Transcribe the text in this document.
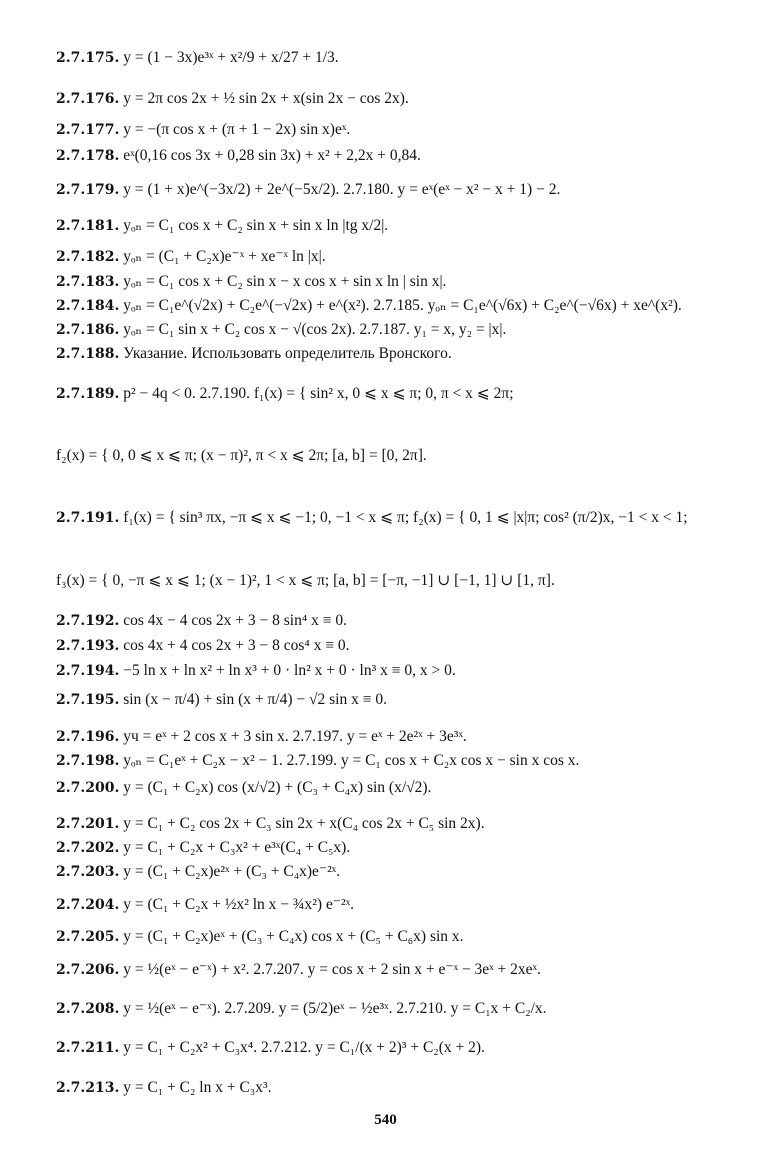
2.7.175. y = (1 − 3x)e³ˣ + x²/9 + x/27 + 1/3.
2.7.176. y = 2π cos 2x + ½ sin 2x + x(sin 2x − cos 2x).
2.7.177. y = −(π cos x + (π + 1 − 2x) sin x)eˣ.
2.7.178. eˣ(0,16 cos 3x + 0,28 sin 3x) + x² + 2,2x + 0,84.
2.7.179. y = (1 + x)e^(−3x/2) + 2e^(−5x/2). 2.7.180. y = eˣ(eˣ − x² − x + 1) − 2.
2.7.181. yₒₙ = C₁ cos x + C₂ sin x + sin x ln |tg x/2|.
2.7.182. yₒₙ = (C₁ + C₂x)e⁻ˣ + xe⁻ˣ ln |x|.
2.7.183. yₒₙ = C₁ cos x + C₂ sin x − x cos x + sin x ln | sin x|.
2.7.184. yₒₙ = C₁e^(√2x) + C₂e^(−√2x) + e^(x²). 2.7.185. yₒₙ = C₁e^(√6x) + C₂e^(−√6x) + xe^(x²).
2.7.186. yₒₙ = C₁ sin x + C₂ cos x − √(cos 2x). 2.7.187. y₁ = x, y₂ = |x|.
2.7.188. Указание. Использовать определитель Вронского.
2.7.189. p² − 4q < 0. 2.7.190. f₁(x) = { sin² x, 0 ⩽ x ⩽ π; 0, π < x ⩽ 2π;
f₂(x) = { 0, 0 ⩽ x ⩽ π; (x − π)², π < x ⩽ 2π; [a, b] = [0, 2π].
2.7.191. f₁(x) = { sin³ πx, −π ⩽ x ⩽ −1; 0, −1 < x ⩽ π; f₂(x) = { 0, 1 ⩽ |x|π; cos² (π/2)x, −1 < x < 1;
f₃(x) = { 0, −π ⩽ x ⩽ 1; (x − 1)², 1 < x ⩽ π; [a, b] = [−π, −1] ∪ [−1, 1] ∪ [1, π].
2.7.192. cos 4x − 4 cos 2x + 3 − 8 sin⁴ x ≡ 0.
2.7.193. cos 4x + 4 cos 2x + 3 − 8 cos⁴ x ≡ 0.
2.7.194. −5 ln x + ln x² + ln x³ + 0 · ln² x + 0 · ln³ x ≡ 0, x > 0.
2.7.195. sin (x − π/4) + sin (x + π/4) − √2 sin x ≡ 0.
2.7.196. yч = eˣ + 2 cos x + 3 sin x. 2.7.197. y = eˣ + 2e²ˣ + 3e³ˣ.
2.7.198. yₒₙ = C₁eˣ + C₂x − x² − 1. 2.7.199. y = C₁ cos x + C₂x cos x − sin x cos x.
2.7.200. y = (C₁ + C₂x) cos (x/√2) + (C₃ + C₄x) sin (x/√2).
2.7.201. y = C₁ + C₂ cos 2x + C₃ sin 2x + x(C₄ cos 2x + C₅ sin 2x).
2.7.202. y = C₁ + C₂x + C₃x² + e³ˣ(C₄ + C₅x).
2.7.203. y = (C₁ + C₂x)e²ˣ + (C₃ + C₄x)e⁻²ˣ.
2.7.204. y = (C₁ + C₂x + ½x² ln x − ¾x²) e⁻²ˣ.
2.7.205. y = (C₁ + C₂x)eˣ + (C₃ + C₄x) cos x + (C₅ + C₆x) sin x.
2.7.206. y = ½(eˣ − e⁻ˣ) + x². 2.7.207. y = cos x + 2 sin x + e⁻ˣ − 3eˣ + 2xeˣ.
2.7.208. y = ½(eˣ − e⁻ˣ). 2.7.209. y = (5/2)eˣ − ½e³ˣ. 2.7.210. y = C₁x + C₂/x.
2.7.211. y = C₁ + C₂x² + C₃x⁴. 2.7.212. y = C₁/(x + 2)³ + C₂(x + 2).
2.7.213. y = C₁ + C₂ ln x + C₃x³.
540
